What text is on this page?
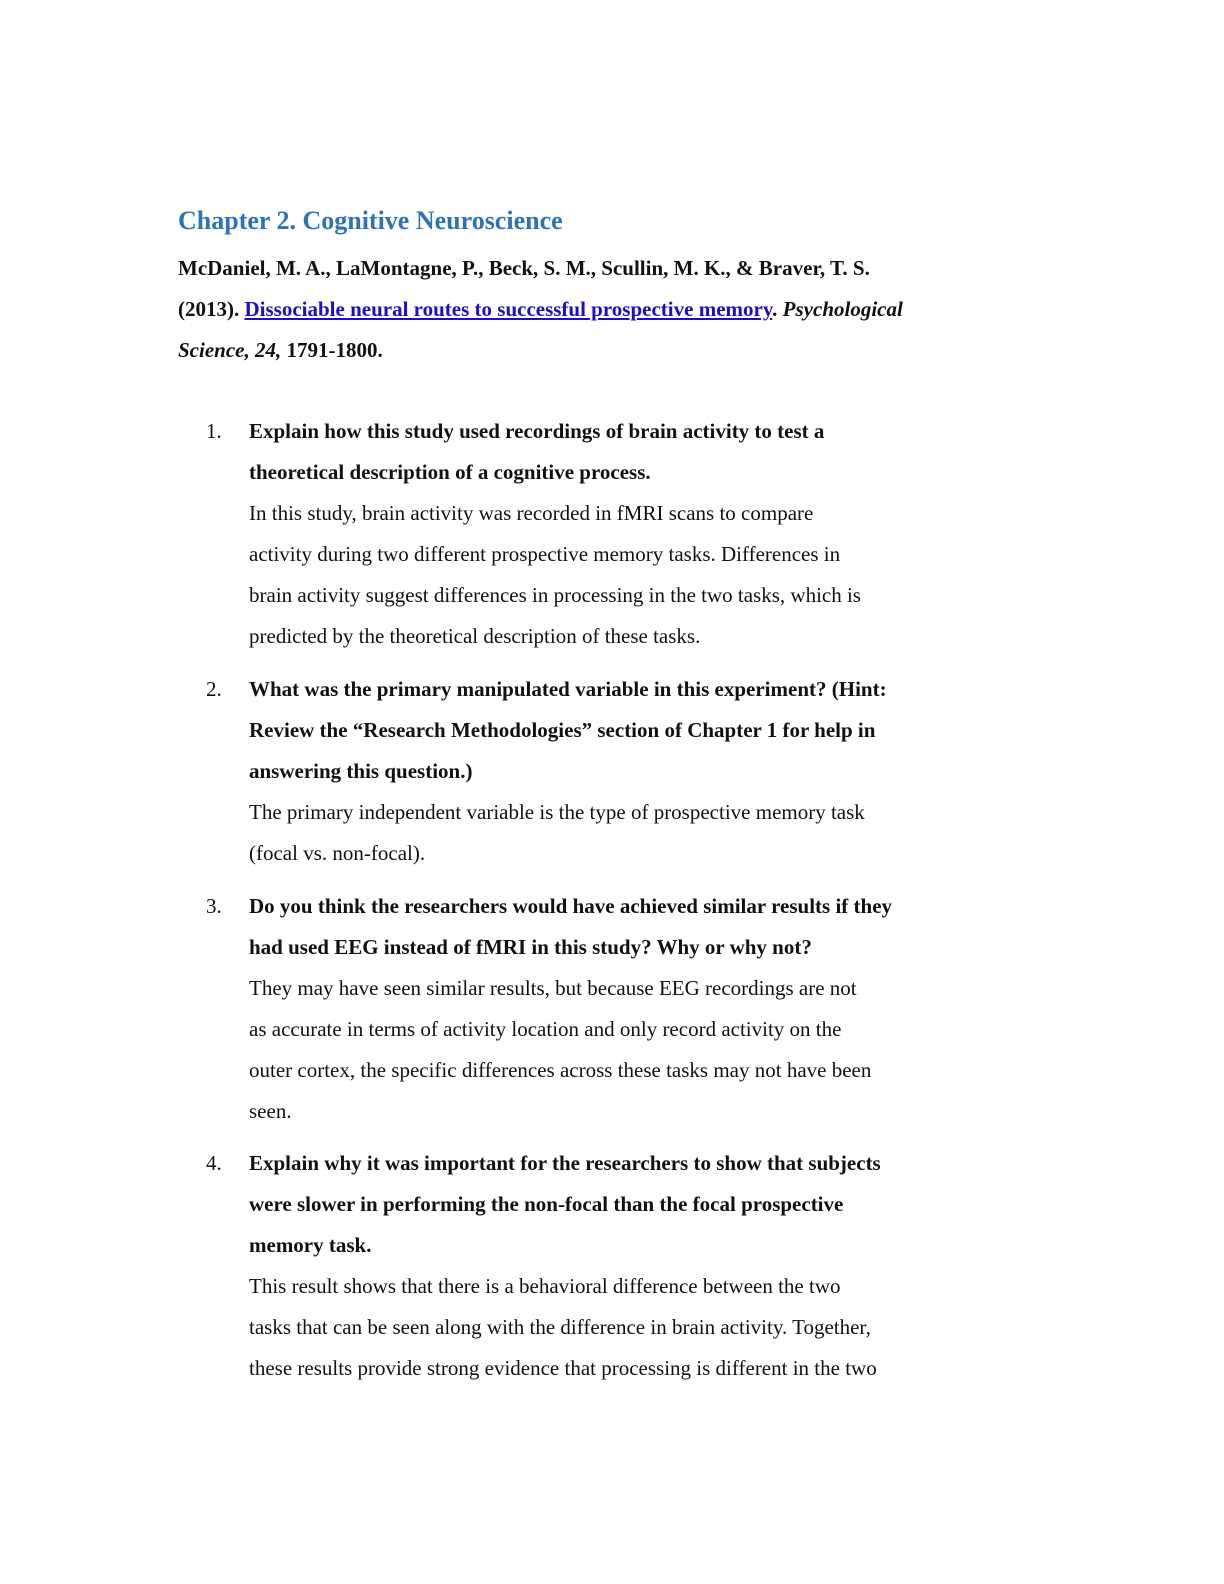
Chapter 2. Cognitive Neuroscience
McDaniel, M. A., LaMontagne, P., Beck, S. M., Scullin, M. K., & Braver, T. S.
(2013). Dissociable neural routes to successful prospective memory. Psychological
Science, 24, 1791-1800.
1. Explain how this study used recordings of brain activity to test a
theoretical description of a cognitive process.
In this study, brain activity was recorded in fMRI scans to compare
activity during two different prospective memory tasks. Differences in
brain activity suggest differences in processing in the two tasks, which is
predicted by the theoretical description of these tasks.
2. What was the primary manipulated variable in this experiment? (Hint:
Review the “Research Methodologies” section of Chapter 1 for help in
answering this question.)
The primary independent variable is the type of prospective memory task
(focal vs. non-focal).
3. Do you think the researchers would have achieved similar results if they
had used EEG instead of fMRI in this study? Why or why not?
They may have seen similar results, but because EEG recordings are not
as accurate in terms of activity location and only record activity on the
outer cortex, the specific differences across these tasks may not have been
seen.
4. Explain why it was important for the researchers to show that subjects
were slower in performing the non-focal than the focal prospective
memory task.
This result shows that there is a behavioral difference between the two
tasks that can be seen along with the difference in brain activity. Together,
these results provide strong evidence that processing is different in the two
